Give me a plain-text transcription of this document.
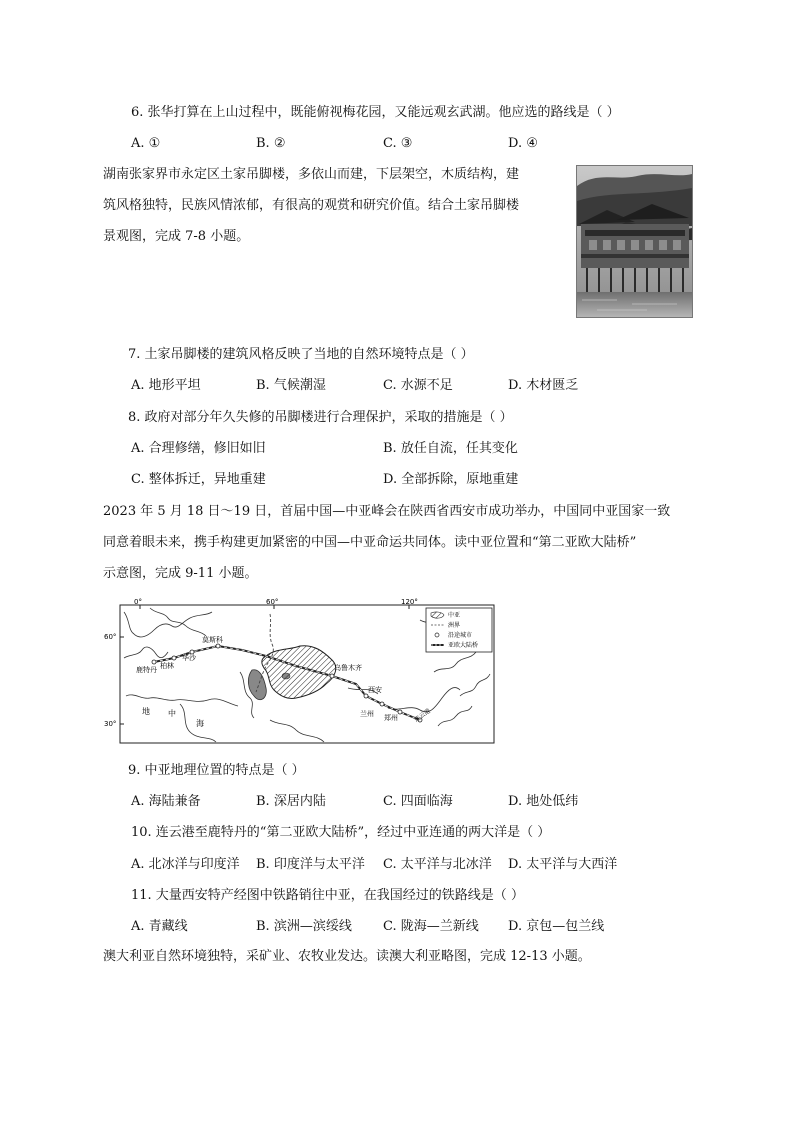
6. 张华打算在上山过程中，既能俯视梅花园，又能远观玄武湖。他应选的路线是（ ）
A. ①	B. ②	C. ③	D. ④
湖南张家界市永定区土家吊脚楼，多依山而建，下层架空，木质结构，建
筑风格独特，民族风情浓郁，有很高的观赏和研究价值。结合土家吊脚楼
景观图，完成 7-8 小题。
7. 土家吊脚楼的建筑风格反映了当地的自然环境特点是（ ）
A. 地形平坦	B. 气候潮湿	C. 水源不足	D. 木材匮乏
8. 政府对部分年久失修的吊脚楼进行合理保护，采取的措施是（ ）
A. 合理修缮，修旧如旧	B. 放任自流，任其变化
C. 整体拆迁，异地重建	D. 全部拆除，原地重建
2023 年 5 月 18 日～19 日，首届中国—中亚峰会在陕西省西安市成功举办，中国同中亚国家一致
同意着眼未来，携手构建更加紧密的中国—中亚命运共同体。读中亚位置和“第二亚欧大陆桥”
示意图，完成 9-11 小题。
0°	60°	120°
60°
30°
鹿特丹 柏林
华沙
莫斯科
乌鲁木齐
西安
兰州 郑州	连云港
地 中
海
中亚
洲界
沿途城市
亚欧大陆桥
9. 中亚地理位置的特点是（ ）
A. 海陆兼备	B. 深居内陆	C. 四面临海	D. 地处低纬
10. 连云港至鹿特丹的“第二亚欧大陆桥”，经过中亚连通的两大洋是（ ）
A. 北冰洋与印度洋 B. 印度洋与太平洋 C. 太平洋与北冰洋 D. 太平洋与大西洋
11. 大量西安特产经图中铁路销往中亚，在我国经过的铁路线是（ ）
A. 青藏线	B. 滨洲—滨绥线 C. 陇海—兰新线 D. 京包—包兰线
澳大利亚自然环境独特，采矿业、农牧业发达。读澳大利亚略图，完成 12-13 小题。
